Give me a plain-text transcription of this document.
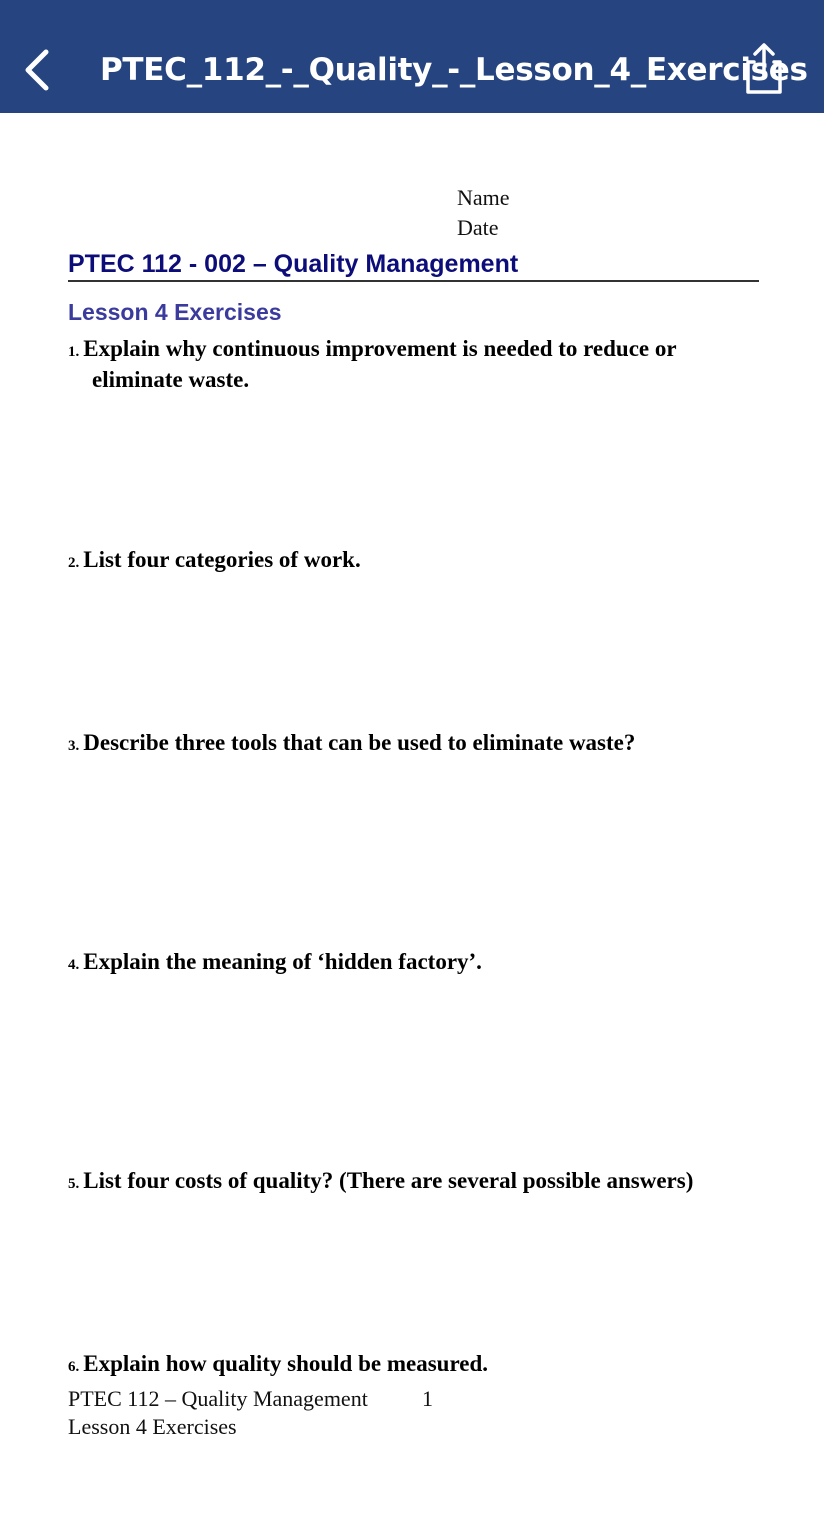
PTEC_112_-_Quality_-_Lesson_4_Exercises
Name
Date
PTEC 112 - 002 – Quality Management
Lesson 4 Exercises
1. Explain why continuous improvement is needed to reduce or
eliminate waste.
2. List four categories of work.
3. Describe three tools that can be used to eliminate waste?
4. Explain the meaning of ‘hidden factory’.
5. List four costs of quality? (There are several possible answers)
6. Explain how quality should be measured.
PTEC 112 – Quality Management 1
Lesson 4 Exercises
